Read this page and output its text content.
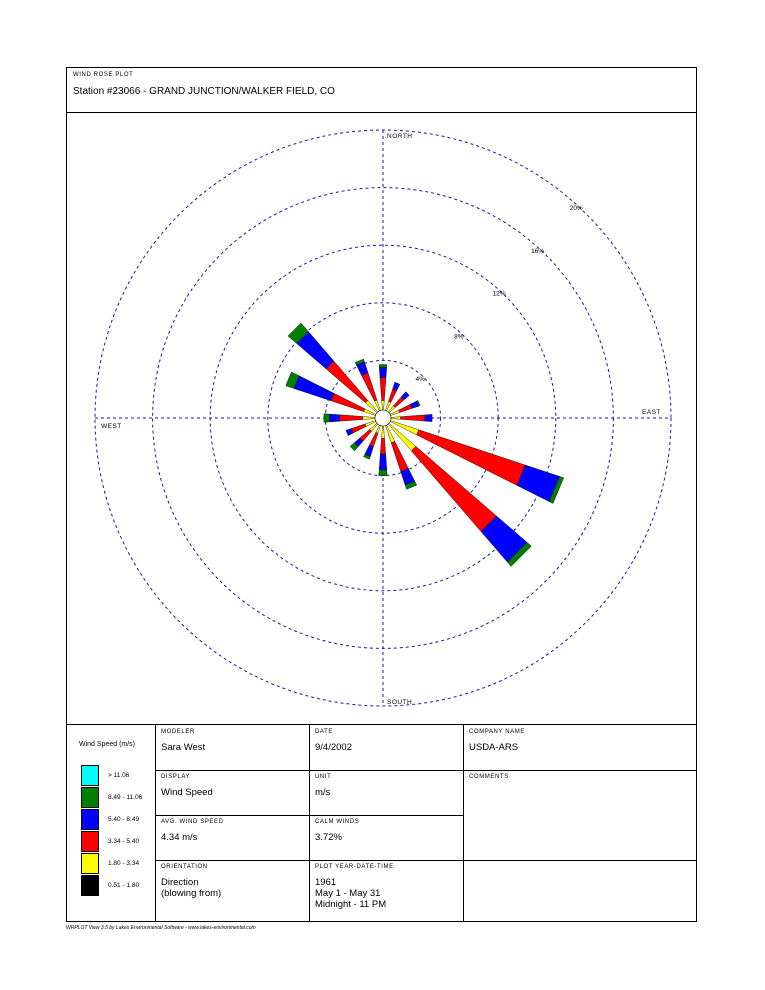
WIND ROSE PLOT
Station #23066 - GRAND JUNCTION/WALKER FIELD, CO
4%
8%
12%
16%
20%
NORTH
SOUTH
EAST
WEST
Wind Speed (m/s)
> 11.06
8.49 - 11.06
5.40 - 8.49
3.34 - 5.40
1.80 - 3.34
0.51 - 1.80
MODELER
Sara West
DATE
9/4/2002
COMPANY NAME
USDA-ARS
DISPLAY
Wind Speed
UNIT
m/s
COMMENTS
AVG. WIND SPEED
4.34 m/s
CALM WINDS
3.72%
ORIENTATION
Direction
(blowing from)
PLOT YEAR-DATE-TIME
1961
May 1 - May 31
Midnight - 11 PM
WRPLOT View 3.5 by Lakes Environmental Software - www.lakes-environmental.com
